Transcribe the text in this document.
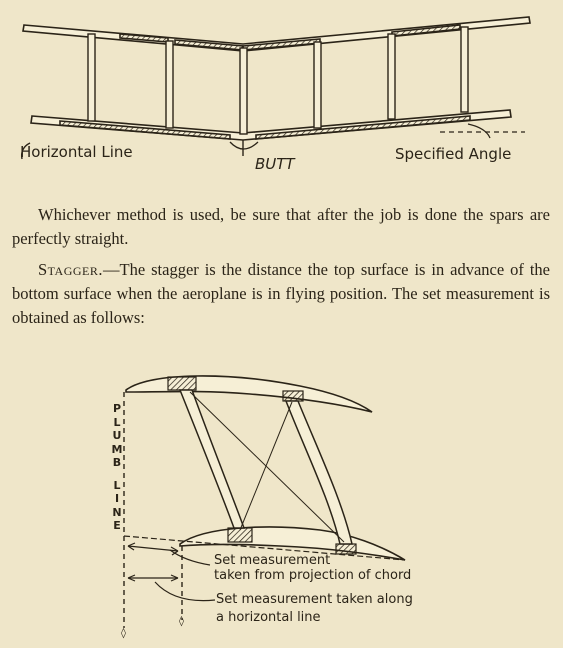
Horizontal Line
BUTT
Specified Angle
Whichever method is used, be sure that after the job is done the spars are perfectly straight.
Stagger.—The stagger is the distance the top surface is in advance of the bottom surface when the aeroplane is in flying position. The set measurement is obtained as follows:
◊
◊
P
L
U
M
B
L
I
N
E
Set measurement
taken from projection of chord
Set measurement taken along
a horizontal line
